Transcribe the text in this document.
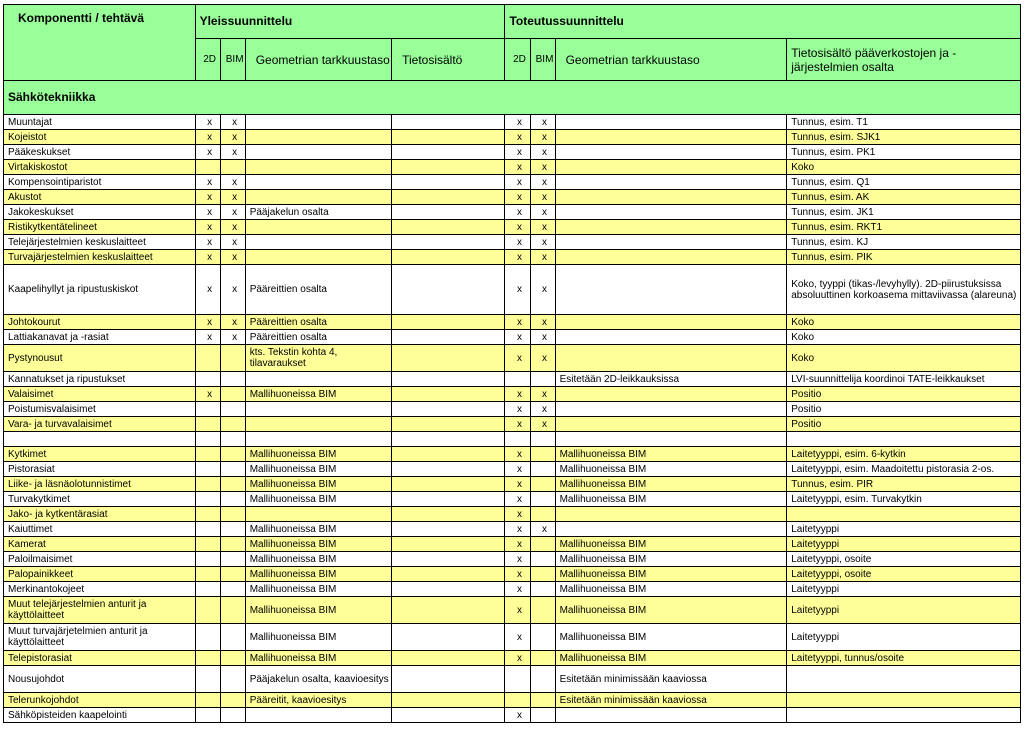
Komponentti / tehtävä	Yleissuunnittelu				Toteutussuunnittelu			
	2D	BIM	Geometrian tarkkuustaso	Tietosisältö	2D	BIM	Geometrian tarkkuustaso	Tietosisältö pääverkostojen ja -järjestelmien osalta
Sähkötekniikka								
Muuntajat	x	x			x	x		Tunnus, esim. T1
Kojeistot	x	x			x	x		Tunnus, esim. SJK1
Pääkeskukset	x	x			x	x		Tunnus, esim. PK1
Virtakiskostot					x	x		Koko
Kompensointiparistot	x	x			x	x		Tunnus, esim. Q1
Akustot	x	x			x	x		Tunnus, esim. AK
Jakokeskukset	x	x	Pääjakelun osalta		x	x		Tunnus, esim. JK1
Ristikytkentätelineet	x	x			x	x		Tunnus, esim. RKT1
Telejärjestelmien keskuslaitteet	x	x			x	x		Tunnus, esim. KJ
Turvajärjestelmien keskuslaitteet	x	x			x	x		Tunnus, esim. PIK
Kaapelihyllyt ja ripustuskiskot	x	x	Pääreittien osalta		x	x		Koko, tyyppi (tikas-/levyhylly). 2D-piirustuksissa absoluuttinen korkoasema mittaviivassa (alareuna)
Johtokourut	x	x	Pääreittien osalta		x	x		Koko
Lattiakanavat ja -rasiat	x	x	Pääreittien osalta		x	x		Koko
Pystynousut			kts. Tekstin kohta 4, tilavaraukset		x	x		Koko
Kannatukset ja ripustukset							Esitetään 2D-leikkauksissa	LVI-suunnittelija koordinoi TATE-leikkaukset
Valaisimet	x		Mallihuoneissa BIM		x	x		Positio
Poistumisvalaisimet					x	x		Positio
Vara- ja turvavalaisimet					x	x		Positio

Kytkimet			Mallihuoneissa BIM		x		Mallihuoneissa BIM	Laitetyyppi, esim. 6-kytkin
Pistorasiat			Mallihuoneissa BIM		x		Mallihuoneissa BIM	Laitetyyppi, esim. Maadoitettu pistorasia 2-os.
Liike- ja läsnäolotunnistimet			Mallihuoneissa BIM		x		Mallihuoneissa BIM	Tunnus, esim. PIR
Turvakytkimet			Mallihuoneissa BIM		x		Mallihuoneissa BIM	Laitetyyppi, esim. Turvakytkin
Jako- ja kytkentärasiat					x			
Kaiuttimet			Mallihuoneissa BIM		x	x		Laitetyyppi
Kamerat			Mallihuoneissa BIM		x		Mallihuoneissa BIM	Laitetyyppi
Paloilmaisimet			Mallihuoneissa BIM		x		Mallihuoneissa BIM	Laitetyyppi, osoite
Palopainikkeet			Mallihuoneissa BIM		x		Mallihuoneissa BIM	Laitetyyppi, osoite
Merkinantokojeet			Mallihuoneissa BIM		x		Mallihuoneissa BIM	Laitetyyppi
Muut telejärjestelmien anturit ja käyttölaitteet			Mallihuoneissa BIM		x		Mallihuoneissa BIM	Laitetyyppi
Muut turvajärjetelmien anturit ja käyttölaitteet			Mallihuoneissa BIM		x		Mallihuoneissa BIM	Laitetyyppi
Telepistorasiat			Mallihuoneissa BIM		x		Mallihuoneissa BIM	Laitetyyppi, tunnus/osoite
Nousujohdot			Pääjakelun osalta, kaavioesitys				Esitetään minimissään kaaviossa	
Telerunkojohdot			Pääreitit, kaavioesitys				Esitetään minimissään kaaviossa	
Sähköpisteiden kaapelointi					x			
